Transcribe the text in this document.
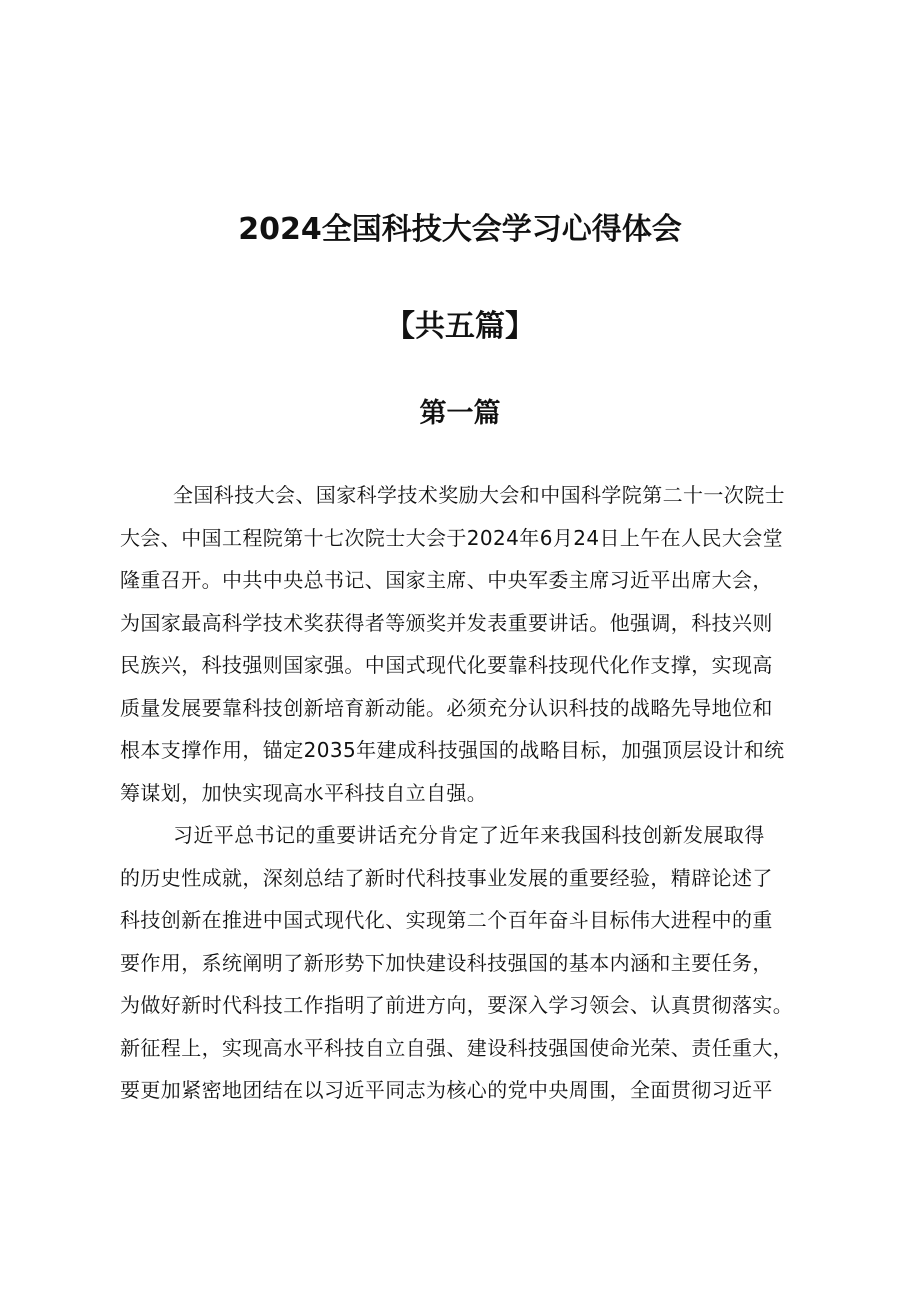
2024全国科技大会学习心得体会
【共五篇】
第一篇
全国科技大会、国家科学技术奖励大会和中国科学院第二十一次院士
大会、中国工程院第十七次院士大会于2024年6月24日上午在人民大会堂
隆重召开。中共中央总书记、国家主席、中央军委主席习近平出席大会，
为国家最高科学技术奖获得者等颁奖并发表重要讲话。他强调，科技兴则
民族兴，科技强则国家强。中国式现代化要靠科技现代化作支撑，实现高
质量发展要靠科技创新培育新动能。必须充分认识科技的战略先导地位和
根本支撑作用，锚定2035年建成科技强国的战略目标，加强顶层设计和统
筹谋划，加快实现高水平科技自立自强。
习近平总书记的重要讲话充分肯定了近年来我国科技创新发展取得
的历史性成就，深刻总结了新时代科技事业发展的重要经验，精辟论述了
科技创新在推进中国式现代化、实现第二个百年奋斗目标伟大进程中的重
要作用，系统阐明了新形势下加快建设科技强国的基本内涵和主要任务，
为做好新时代科技工作指明了前进方向，要深入学习领会、认真贯彻落实。
新征程上，实现高水平科技自立自强、建设科技强国使命光荣、责任重大，
要更加紧密地团结在以习近平同志为核心的党中央周围，全面贯彻习近平
